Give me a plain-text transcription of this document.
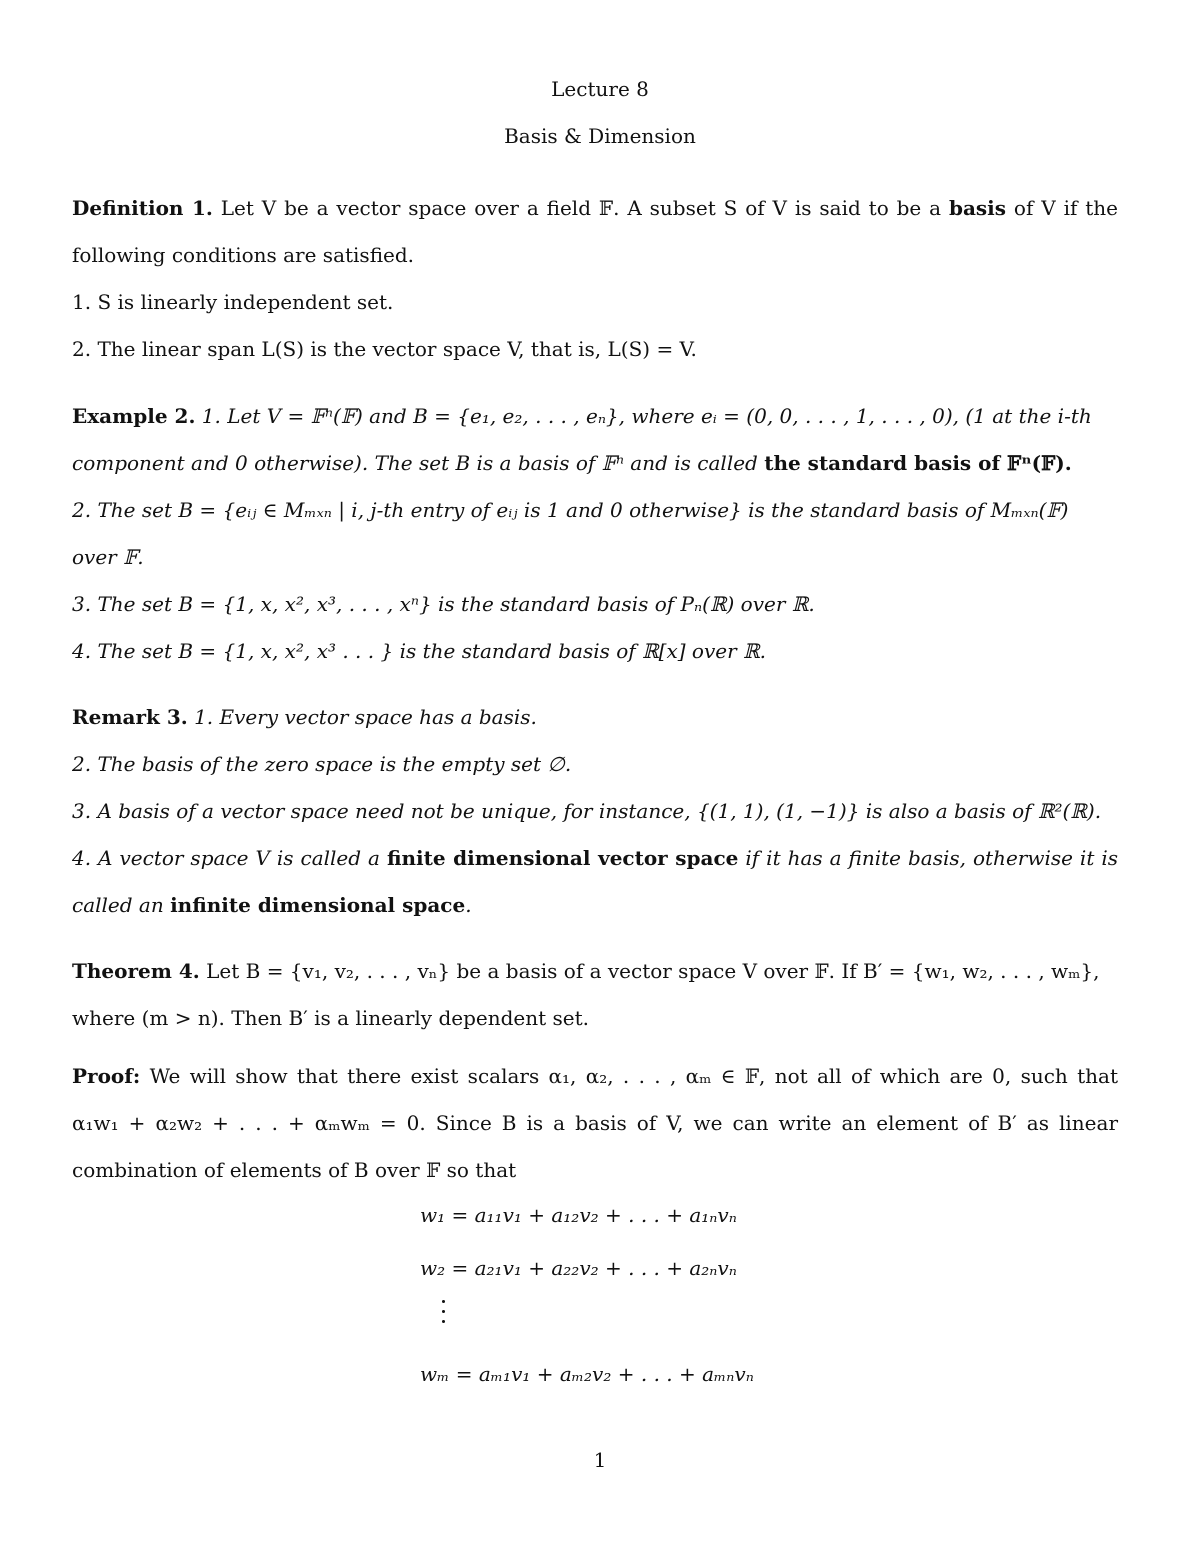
Lecture 8
Basis & Dimension
Definition 1. Let V be a vector space over a field 𝔽. A subset S of V is said to be a basis of V if the
following conditions are satisfied.
1. S is linearly independent set.
2. The linear span L(S) is the vector space V, that is, L(S) = V.
Example 2. 1. Let V = 𝔽ⁿ(𝔽) and B = {e₁, e₂, . . . , eₙ}, where eᵢ = (0, 0, . . . , 1, . . . , 0), (1 at the i-th
component and 0 otherwise). The set B is a basis of 𝔽ⁿ and is called the standard basis of 𝔽ⁿ(𝔽).
2. The set B = {eᵢⱼ ∈ Mₘₓₙ | i, j-th entry of eᵢⱼ is 1 and 0 otherwise} is the standard basis of Mₘₓₙ(𝔽)
over 𝔽.
3. The set B = {1, x, x², x³, . . . , xⁿ} is the standard basis of Pₙ(ℝ) over ℝ.
4. The set B = {1, x, x², x³ . . . } is the standard basis of ℝ[x] over ℝ.
Remark 3. 1. Every vector space has a basis.
2. The basis of the zero space is the empty set ∅.
3. A basis of a vector space need not be unique, for instance, {(1, 1), (1, −1)} is also a basis of ℝ²(ℝ).
4. A vector space V is called a finite dimensional vector space if it has a finite basis, otherwise it is
called an infinite dimensional space.
Theorem 4. Let B = {v₁, v₂, . . . , vₙ} be a basis of a vector space V over 𝔽. If B′ = {w₁, w₂, . . . , wₘ},
where (m > n). Then B′ is a linearly dependent set.
Proof: We will show that there exist scalars α₁, α₂, . . . , αₘ ∈ 𝔽, not all of which are 0, such that
α₁w₁ + α₂w₂ + . . . + αₘwₘ = 0. Since B is a basis of V, we can write an element of B′ as linear
combination of elements of B over 𝔽 so that
w₁ = a₁₁v₁ + a₁₂v₂ + . . . + a₁ₙvₙ
w₂ = a₂₁v₁ + a₂₂v₂ + . . . + a₂ₙvₙ
wₘ = aₘ₁v₁ + aₘ₂v₂ + . . . + aₘₙvₙ
1
